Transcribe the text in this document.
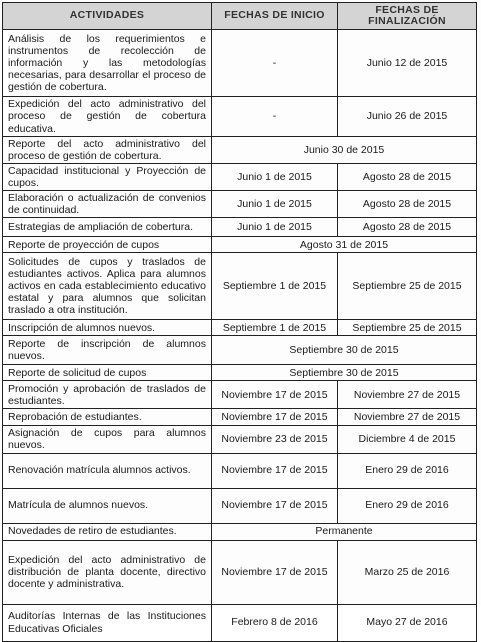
ACTIVIDADES	FECHAS DE INICIO	FECHAS DE FINALIZACIÓN
Análisis de los requerimientos e instrumentos de recolección de información y las metodologías necesarias, para desarrollar el proceso de gestión de cobertura.	-	Junio 12 de 2015
Expedición del acto administrativo del proceso de gestión de cobertura educativa.	-	Junio 26 de 2015
Reporte del acto administrativo del proceso de gestión de cobertura.	Junio 30 de 2015	
Capacidad institucional y Proyección de cupos.	Junio 1 de 2015	Agosto 28 de 2015
Elaboración o actualización de convenios de continuidad.	Junio 1 de 2015	Agosto 28 de 2015
Estrategias de ampliación de cobertura.	Junio 1 de 2015	Agosto 28 de 2015
Reporte de proyección de cupos	Agosto 31 de 2015	
Solicitudes de cupos y traslados de estudiantes activos. Aplica para alumnos activos en cada establecimiento educativo estatal y para alumnos que solicitan traslado a otra institución.	Septiembre 1 de 2015	Septiembre 25 de 2015
Inscripción de alumnos nuevos.	Septiembre 1 de 2015	Septiembre 25 de 2015
Reporte de inscripción de alumnos nuevos.	Septiembre 30 de 2015	
Reporte de solicitud de cupos	Septiembre 30 de 2015	
Promoción y aprobación de traslados de estudiantes.	Noviembre 17 de 2015	Noviembre 27 de 2015
Reprobación de estudiantes.	Noviembre 17 de 2015	Noviembre 27 de 2015
Asignación de cupos para alumnos nuevos.	Noviembre 23 de 2015	Diciembre 4 de 2015
Renovación matrícula alumnos activos.	Noviembre 17 de 2015	Enero 29 de 2016
Matrícula de alumnos nuevos.	Noviembre 17 de 2015	Enero 29 de 2016
Novedades de retiro de estudiantes.	Permanente	
Expedición del acto administrativo de distribución de planta docente, directivo docente y administrativa.	Noviembre 17 de 2015	Marzo 25 de 2016
Auditorías Internas de las Instituciones Educativas Oficiales	Febrero 8 de 2016	Mayo 27 de 2016
